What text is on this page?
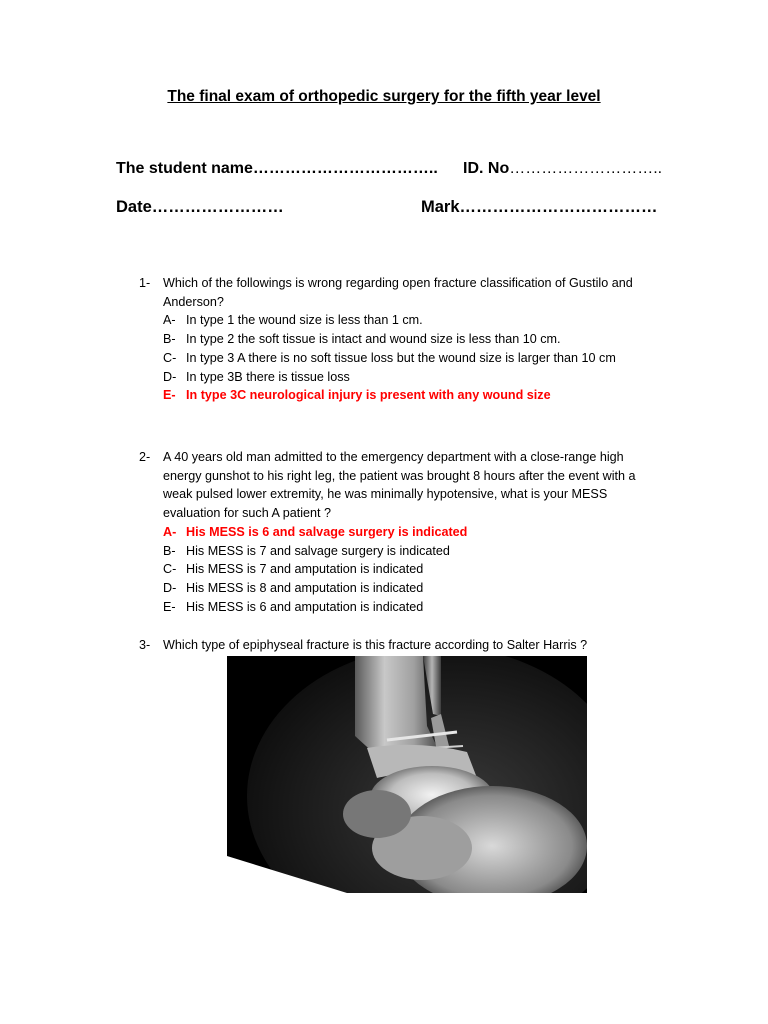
The final exam of orthopedic surgery for the fifth year level
The student name…………………………….. ID. No………………………..
Date……………………	Mark………………………………
1- Which of the followings is wrong regarding open fracture classification of Gustilo and Anderson?
A- In type 1 the wound size is less than 1 cm.
B- In type 2 the soft tissue is intact and wound size is less than 10 cm.
C- In type 3 A there is no soft tissue loss but the wound size is larger than 10 cm
D- In type 3B there is tissue loss
E- In type 3C neurological injury is present with any wound size
2- A 40 years old man admitted to the emergency department with a close-range high energy gunshot to his right leg, the patient was brought 8 hours after the event with a weak pulsed lower extremity, he was minimally hypotensive, what is your MESS evaluation for such A patient ?
A- His MESS is 6 and salvage surgery is indicated
B- His MESS is 7 and salvage surgery is indicated
C- His MESS is 7 and amputation is indicated
D- His MESS is 8 and amputation is indicated
E- His MESS is 6 and amputation is indicated
3- Which type of epiphyseal fracture is this fracture according to Salter Harris ?
